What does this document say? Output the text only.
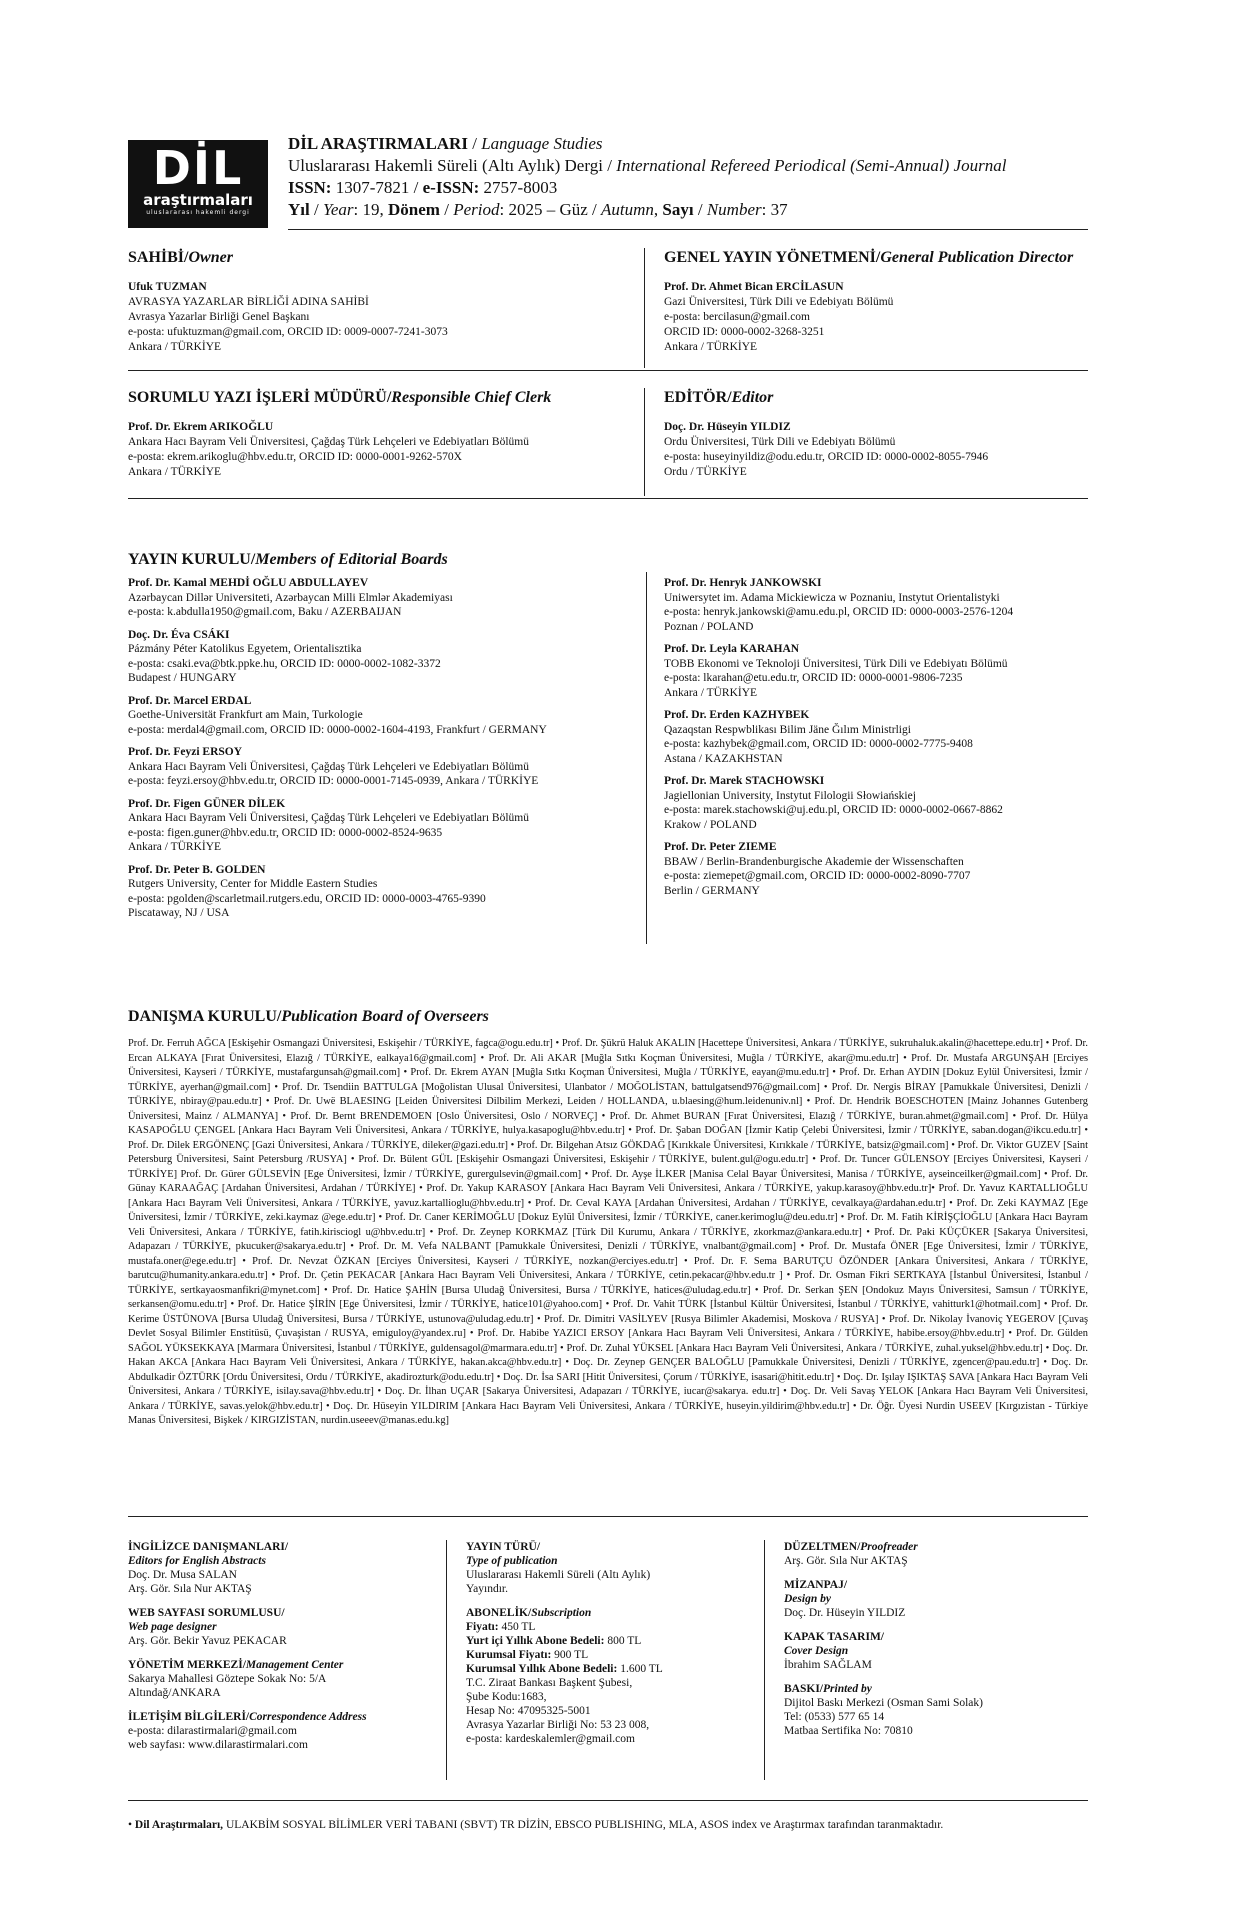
DİL
araştırmaları
uluslararası hakemli dergi
DİL ARAŞTIRMALARI / Language Studies
Uluslararası Hakemli Süreli (Altı Aylık) Dergi / International Refereed Periodical (Semi-Annual) Journal
ISSN: 1307-7821 / e-ISSN: 2757-8003
Yıl / Year: 19, Dönem / Period: 2025 – Güz / Autumn, Sayı / Number: 37
SAHİBİ/Owner
Ufuk TUZMAN
AVRASYA YAZARLAR BİRLİĞİ ADINA SAHİBİ
Avrasya Yazarlar Birliği Genel Başkanı
e-posta: ufuktuzman@gmail.com, ORCID ID: 0009-0007-7241-3073
Ankara / TÜRKİYE
GENEL YAYIN YÖNETMENİ/General Publication Director
Prof. Dr. Ahmet Bican ERCİLASUN
Gazi Üniversitesi, Türk Dili ve Edebiyatı Bölümü
e-posta: bercilasun@gmail.com
ORCID ID: 0000-0002-3268-3251
Ankara / TÜRKİYE
SORUMLU YAZI İŞLERİ MÜDÜRÜ/Responsible Chief Clerk
Prof. Dr. Ekrem ARIKOĞLU
Ankara Hacı Bayram Veli Üniversitesi, Çağdaş Türk Lehçeleri ve Edebiyatları Bölümü
e-posta: ekrem.arikoglu@hbv.edu.tr, ORCID ID: 0000-0001-9262-570X
Ankara / TÜRKİYE
EDİTÖR/Editor
Doç. Dr. Hüseyin YILDIZ
Ordu Üniversitesi, Türk Dili ve Edebiyatı Bölümü
e-posta: huseyinyildiz@odu.edu.tr, ORCID ID: 0000-0002-8055-7946
Ordu / TÜRKİYE
YAYIN KURULU/Members of Editorial Boards
Prof. Dr. Kamal MEHDİ OĞLU ABDULLAYEV
Azərbaycan Dillər Universiteti, Azərbaycan Milli Elmlər Akademiyası
e-posta: k.abdulla1950@gmail.com, Baku / AZERBAIJAN
Doç. Dr. Éva CSÁKI
Pázmány Péter Katolikus Egyetem, Orientalisztika
e-posta: csaki.eva@btk.ppke.hu, ORCID ID: 0000-0002-1082-3372
Budapest / HUNGARY
Prof. Dr. Marcel ERDAL
Goethe-Universität Frankfurt am Main, Turkologie
e-posta: merdal4@gmail.com, ORCID ID: 0000-0002-1604-4193, Frankfurt / GERMANY
Prof. Dr. Feyzi ERSOY
Ankara Hacı Bayram Veli Üniversitesi, Çağdaş Türk Lehçeleri ve Edebiyatları Bölümü
e-posta: feyzi.ersoy@hbv.edu.tr, ORCID ID: 0000-0001-7145-0939, Ankara / TÜRKİYE
Prof. Dr. Figen GÜNER DİLEK
Ankara Hacı Bayram Veli Üniversitesi, Çağdaş Türk Lehçeleri ve Edebiyatları Bölümü
e-posta: figen.guner@hbv.edu.tr, ORCID ID: 0000-0002-8524-9635
Ankara / TÜRKİYE
Prof. Dr. Peter B. GOLDEN
Rutgers University, Center for Middle Eastern Studies
e-posta: pgolden@scarletmail.rutgers.edu, ORCID ID: 0000-0003-4765-9390
Piscataway, NJ / USA
Prof. Dr. Henryk JANKOWSKI
Uniwersytet im. Adama Mickiewicza w Poznaniu, Instytut Orientalistyki
e-posta: henryk.jankowski@amu.edu.pl, ORCID ID: 0000-0003-2576-1204
Poznan / POLAND
Prof. Dr. Leyla KARAHAN
TOBB Ekonomi ve Teknoloji Üniversitesi, Türk Dili ve Edebiyatı Bölümü
e-posta: lkarahan@etu.edu.tr, ORCID ID: 0000-0001-9806-7235
Ankara / TÜRKİYE
Prof. Dr. Erden KAZHYBEK
Qazaqstan Respwblikası Bilim Jäne Ğılım Ministrligi
e-posta: kazhybek@gmail.com, ORCID ID: 0000-0002-7775-9408
Astana / KAZAKHSTAN
Prof. Dr. Marek STACHOWSKI
Jagiellonian University, Instytut Filologii Słowiańskiej
e-posta: marek.stachowski@uj.edu.pl, ORCID ID: 0000-0002-0667-8862
Krakow / POLAND
Prof. Dr. Peter ZIEME
BBAW / Berlin-Brandenburgische Akademie der Wissenschaften
e-posta: ziemepet@gmail.com, ORCID ID: 0000-0002-8090-7707
Berlin / GERMANY
DANIŞMA KURULU/Publication Board of Overseers
Prof. Dr. Ferruh AĞCA [Eskişehir Osmangazi Üniversitesi, Eskişehir / TÜRKİYE, fagca@ogu.edu.tr] • Prof. Dr. Şükrü Haluk AKALIN [Hacettepe Üniversitesi, Ankara / TÜRKİYE, sukruhaluk.akalin@hacettepe.edu.tr] • Prof. Dr. Ercan ALKAYA [Fırat Üniversitesi, Elazığ / TÜRKİYE, ealkaya16@gmail.com] • Prof. Dr. Ali AKAR [Muğla Sıtkı Koçman Üniversitesi, Muğla / TÜRKİYE, akar@mu.edu.tr] • Prof. Dr. Mustafa ARGUNŞAH [Erciyes Üniversitesi, Kayseri / TÜRKİYE, mustafargunsah@gmail.com] • Prof. Dr. Ekrem AYAN [Muğla Sıtkı Koçman Üniversitesi, Muğla / TÜRKİYE, eayan@mu.edu.tr] • Prof. Dr. Erhan AYDIN [Dokuz Eylül Üniversitesi, İzmir / TÜRKİYE, ayerhan@gmail.com] • Prof. Dr. Tsendiin BATTULGA [Moğolistan Ulusal Üniversitesi, Ulanbator / MOĞOLİSTAN, battulgatsend976@gmail.com] • Prof. Dr. Nergis BİRAY [Pamukkale Üniversitesi, Denizli / TÜRKİYE, nbiray@pau.edu.tr] • Prof. Dr. Uwë BLAESING [Leiden Üniversitesi Dilbilim Merkezi, Leiden / HOLLANDA, u.blaesing@hum.leidenuniv.nl] • Prof. Dr. Hendrik BOESCHOTEN [Mainz Johannes Gutenberg Üniversitesi, Mainz / ALMANYA] • Prof. Dr. Bernt BRENDEMOEN [Oslo Üniversitesi, Oslo / NORVEÇ] • Prof. Dr. Ahmet BURAN [Fırat Üniversitesi, Elazığ / TÜRKİYE, buran.ahmet@gmail.com] • Prof. Dr. Hülya KASAPOĞLU ÇENGEL [Ankara Hacı Bayram Veli Üniversitesi, Ankara / TÜRKİYE, hulya.kasapoglu@hbv.edu.tr] • Prof. Dr. Şaban DOĞAN [İzmir Katip Çelebi Üniversitesi, İzmir / TÜRKİYE, saban.dogan@ikcu.edu.tr] • Prof. Dr. Dilek ERGÖNENÇ [Gazi Üniversitesi, Ankara / TÜRKİYE, dileker@gazi.edu.tr] • Prof. Dr. Bilgehan Atsız GÖKDAĞ [Kırıkkale Üniversitesi, Kırıkkale / TÜRKİYE, batsiz@gmail.com] • Prof. Dr. Viktor GUZEV [Saint Petersburg Üniversitesi, Saint Petersburg /RUSYA] • Prof. Dr. Bülent GÜL [Eskişehir Osmangazi Üniversitesi, Eskişehir / TÜRKİYE, bulent.gul@ogu.edu.tr] • Prof. Dr. Tuncer GÜLENSOY [Erciyes Üniversitesi, Kayseri / TÜRKİYE] Prof. Dr. Gürer GÜLSEVİN [Ege Üniversitesi, İzmir / TÜRKİYE, gurergulsevin@gmail.com] • Prof. Dr. Ayşe İLKER [Manisa Celal Bayar Üniversitesi, Manisa / TÜRKİYE, ayseinceilker@gmail.com] • Prof. Dr. Günay KARAAĞAÇ [Ardahan Üniversitesi, Ardahan / TÜRKİYE] • Prof. Dr. Yakup KARASOY [Ankara Hacı Bayram Veli Üniversitesi, Ankara / TÜRKİYE, yakup.karasoy@hbv.edu.tr]• Prof. Dr. Yavuz KARTALLIOĞLU [Ankara Hacı Bayram Veli Üniversitesi, Ankara / TÜRKİYE, yavuz.kartallioglu@hbv.edu.tr] • Prof. Dr. Ceval KAYA [Ardahan Üniversitesi, Ardahan / TÜRKİYE, cevalkaya@ardahan.edu.tr] • Prof. Dr. Zeki KAYMAZ [Ege Üniversitesi, İzmir / TÜRKİYE, zeki.kaymaz @ege.edu.tr] • Prof. Dr. Caner KERİMOĞLU [Dokuz Eylül Üniversitesi, İzmir / TÜRKİYE, caner.kerimoglu@deu.edu.tr] • Prof. Dr. M. Fatih KİRİŞÇİOĞLU [Ankara Hacı Bayram Veli Üniversitesi, Ankara / TÜRKİYE, fatih.kirisciogl u@hbv.edu.tr] • Prof. Dr. Zeynep KORKMAZ [Türk Dil Kurumu, Ankara / TÜRKİYE, zkorkmaz@ankara.edu.tr] • Prof. Dr. Paki KÜÇÜKER [Sakarya Üniversitesi, Adapazarı / TÜRKİYE, pkucuker@sakarya.edu.tr] • Prof. Dr. M. Vefa NALBANT [Pamukkale Üniversitesi, Denizli / TÜRKİYE, vnalbant@gmail.com] • Prof. Dr. Mustafa ÖNER [Ege Üniversitesi, İzmir / TÜRKİYE, mustafa.oner@ege.edu.tr] • Prof. Dr. Nevzat ÖZKAN [Erciyes Üniversitesi, Kayseri / TÜRKİYE, nozkan@erciyes.edu.tr] • Prof. Dr. F. Sema BARUTÇU ÖZÖNDER [Ankara Üniversitesi, Ankara / TÜRKİYE, barutcu@humanity.ankara.edu.tr] • Prof. Dr. Çetin PEKACAR [Ankara Hacı Bayram Veli Üniversitesi, Ankara / TÜRKİYE, cetin.pekacar@hbv.edu.tr ] • Prof. Dr. Osman Fikri SERTKAYA [İstanbul Üniversitesi, İstanbul / TÜRKİYE, sertkayaosmanfikri@mynet.com] • Prof. Dr. Hatice ŞAHİN [Bursa Uludağ Üniversitesi, Bursa / TÜRKİYE, hatices@uludag.edu.tr] • Prof. Dr. Serkan ŞEN [Ondokuz Mayıs Üniversitesi, Samsun / TÜRKİYE, serkansen@omu.edu.tr] • Prof. Dr. Hatice ŞİRİN [Ege Üniversitesi, İzmir / TÜRKİYE, hatice101@yahoo.com] • Prof. Dr. Vahit TÜRK [İstanbul Kültür Üniversitesi, İstanbul / TÜRKİYE, vahitturk1@hotmail.com] • Prof. Dr. Kerime ÜSTÜNOVA [Bursa Uludağ Üniversitesi, Bursa / TÜRKİYE, ustunova@uludag.edu.tr] • Prof. Dr. Dimitri VASİLYEV [Rusya Bilimler Akademisi, Moskova / RUSYA] • Prof. Dr. Nikolay İvanoviç YEGEROV [Çuvaş Devlet Sosyal Bilimler Enstitüsü, Çuvaşistan / RUSYA, emiguloy@yandex.ru] • Prof. Dr. Habibe YAZICI ERSOY [Ankara Hacı Bayram Veli Üniversitesi, Ankara / TÜRKİYE, habibe.ersoy@hbv.edu.tr] • Prof. Dr. Gülden SAĞOL YÜKSEKKAYA [Marmara Üniversitesi, İstanbul / TÜRKİYE, guldensagol@marmara.edu.tr] • Prof. Dr. Zuhal YÜKSEL [Ankara Hacı Bayram Veli Üniversitesi, Ankara / TÜRKİYE, zuhal.yuksel@hbv.edu.tr] • Doç. Dr. Hakan AKCA [Ankara Hacı Bayram Veli Üniversitesi, Ankara / TÜRKİYE, hakan.akca@hbv.edu.tr] • Doç. Dr. Zeynep GENÇER BALOĞLU [Pamukkale Üniversitesi, Denizli / TÜRKİYE, zgencer@pau.edu.tr] • Doç. Dr. Abdulkadir ÖZTÜRK [Ordu Üniversitesi, Ordu / TÜRKİYE, akadirozturk@odu.edu.tr] • Doç. Dr. İsa SARI [Hitit Üniversitesi, Çorum / TÜRKİYE, isasari@hitit.edu.tr] • Doç. Dr. Işılay IŞIKTAŞ SAVA [Ankara Hacı Bayram Veli Üniversitesi, Ankara / TÜRKİYE, isilay.sava@hbv.edu.tr] • Doç. Dr. İlhan UÇAR [Sakarya Üniversitesi, Adapazarı / TÜRKİYE, iucar@sakarya. edu.tr] • Doç. Dr. Veli Savaş YELOK [Ankara Hacı Bayram Veli Üniversitesi, Ankara / TÜRKİYE, savas.yelok@hbv.edu.tr] • Doç. Dr. Hüseyin YILDIRIM [Ankara Hacı Bayram Veli Üniversitesi, Ankara / TÜRKİYE, huseyin.yildirim@hbv.edu.tr] • Dr. Öğr. Üyesi Nurdin USEEV [Kırgızistan - Türkiye Manas Üniversitesi, Bişkek / KIRGIZİSTAN, nurdin.useeev@manas.edu.kg]
İNGİLİZCE DANIŞMANLARI/
Editors for English Abstracts
Doç. Dr. Musa SALAN
Arş. Gör. Sıla Nur AKTAŞ
WEB SAYFASI SORUMLUSU/
Web page designer
Arş. Gör. Bekir Yavuz PEKACAR
YÖNETİM MERKEZİ/Management Center
Sakarya Mahallesi Göztepe Sokak No: 5/A
Altındağ/ANKARA
İLETİŞİM BİLGİLERİ/Correspondence Address
e-posta: dilarastirmalari@gmail.com
web sayfası: www.dilarastirmalari.com
YAYIN TÜRÜ/
Type of publication
Uluslararası Hakemli Süreli (Altı Aylık)
Yayındır.
ABONELİK/Subscription
Fiyatı: 450 TL
Yurt içi Yıllık Abone Bedeli: 800 TL
Kurumsal Fiyatı: 900 TL
Kurumsal Yıllık Abone Bedeli: 1.600 TL
T.C. Ziraat Bankası Başkent Şubesi,
Şube Kodu:1683,
Hesap No: 47095325-5001
Avrasya Yazarlar Birliği No: 53 23 008,
e-posta: kardeskalemler@gmail.com
DÜZELTMEN/Proofreader
Arş. Gör. Sıla Nur AKTAŞ
MİZANPAJ/
Design by
Doç. Dr. Hüseyin YILDIZ
KAPAK TASARIM/
Cover Design
İbrahim SAĞLAM
BASKI/Printed by
Dijitol Baskı Merkezi (Osman Sami Solak)
Tel: (0533) 577 65 14
Matbaa Sertifika No: 70810
• Dil Araştırmaları, ULAKBİM SOSYAL BİLİMLER VERİ TABANI (SBVT) TR DİZİN, EBSCO PUBLISHING, MLA, ASOS index ve Araştırmax tarafından taranmaktadır.
